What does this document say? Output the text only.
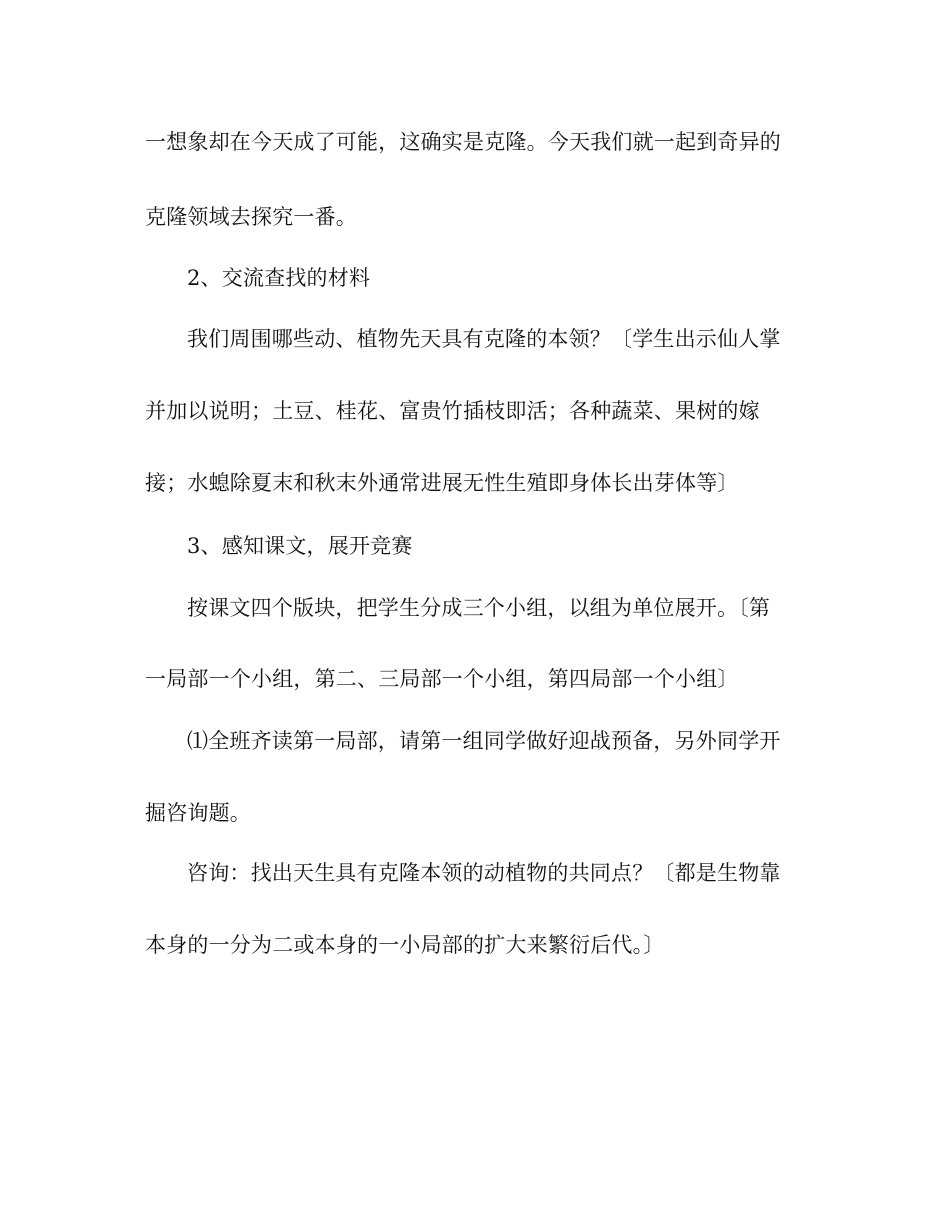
一想象却在今天成了可能，这确实是克隆。今天我们就一起到奇异的
克隆领域去探究一番。
2、交流查找的材料
我们周围哪些动、植物先天具有克隆的本领？〔学生出示仙人掌
并加以说明；土豆、桂花、富贵竹插枝即活；各种蔬菜、果树的嫁
接；水螅除夏末和秋末外通常进展无性生殖即身体长出芽体等〕
3、感知课文，展开竞赛
按课文四个版块，把学生分成三个小组，以组为单位展开。〔第
一局部一个小组，第二、三局部一个小组，第四局部一个小组〕
⑴全班齐读第一局部，请第一组同学做好迎战预备，另外同学开
掘咨询题。
咨询：找出天生具有克隆本领的动植物的共同点？〔都是生物靠
本身的一分为二或本身的一小局部的扩大来繁衍后代。〕
